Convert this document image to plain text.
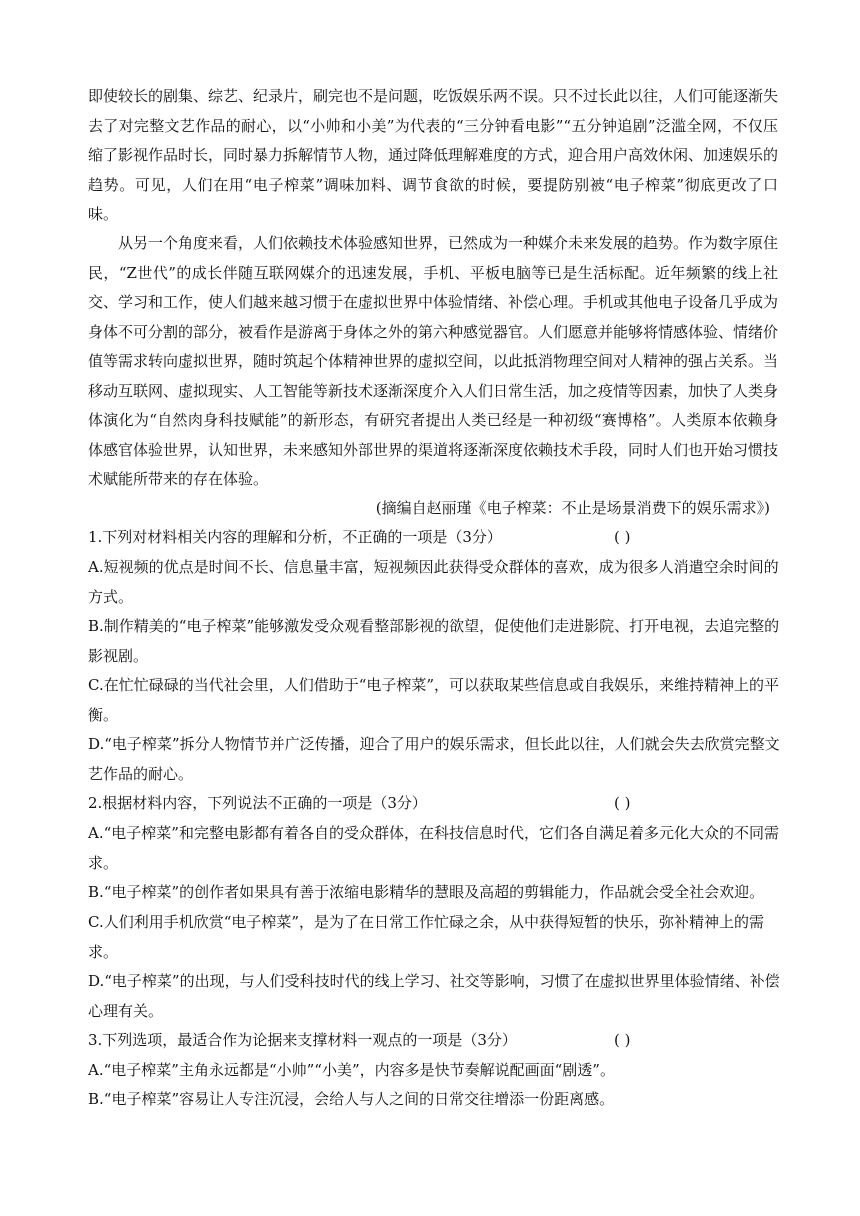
即使较长的剧集、综艺、纪录片，刷完也不是问题，吃饭娱乐两不误。只不过长此以往，人们可能逐渐失去了对完整文艺作品的耐心，以“小帅和小美”为代表的“三分钟看电影”“五分钟追剧”泛滥全网，不仅压缩了影视作品时长，同时暴力拆解情节人物，通过降低理解难度的方式，迎合用户高效休闲、加速娱乐的趋势。可见，人们在用“电子榨菜”调味加料、调节食欲的时候，要提防别被“电子榨菜”彻底更改了口味。

从另一个角度来看，人们依赖技术体验感知世界，已然成为一种媒介未来发展的趋势。作为数字原住民，“Z世代”的成长伴随互联网媒介的迅速发展，手机、平板电脑等已是生活标配。近年频繁的线上社交、学习和工作，使人们越来越习惯于在虚拟世界中体验情绪、补偿心理。手机或其他电子设备几乎成为身体不可分割的部分，被看作是游离于身体之外的第六种感觉器官。人们愿意并能够将情感体验、情绪价值等需求转向虚拟世界，随时筑起个体精神世界的虚拟空间，以此抵消物理空间对人精神的强占关系。当移动互联网、虚拟现实、人工智能等新技术逐渐深度介入人们日常生活，加之疫情等因素，加快了人类身体演化为“自然肉身科技赋能”的新形态，有研究者提出人类已经是一种初级“赛博格”。人类原本依赖身体感官体验世界，认知世界，未来感知外部世界的渠道将逐渐深度依赖技术手段，同时人们也开始习惯技术赋能所带来的存在体验。

(摘编自赵丽瑾《电子榨菜：不止是场景消费下的娱乐需求》)
1.下列对材料相关内容的理解和分析，不正确的一项是（3分）	( )

A.短视频的优点是时间不长、信息量丰富，短视频因此获得受众群体的喜欢，成为很多人消遣空余时间的方式。

B.制作精美的“电子榨菜”能够激发受众观看整部影视的欲望，促使他们走进影院、打开电视，去追完整的影视剧。

C.在忙忙碌碌的当代社会里，人们借助于“电子榨菜”，可以获取某些信息或自我娱乐，来维持精神上的平衡。

D.“电子榨菜”拆分人物情节并广泛传播，迎合了用户的娱乐需求，但长此以往，人们就会失去欣赏完整文艺作品的耐心。

2.根据材料内容，下列说法不正确的一项是（3分）	( )

A.“电子榨菜”和完整电影都有着各自的受众群体，在科技信息时代，它们各自满足着多元化大众的不同需求。

B.“电子榨菜”的创作者如果具有善于浓缩电影精华的慧眼及高超的剪辑能力，作品就会受全社会欢迎。

C.人们利用手机欣赏“电子榨菜”，是为了在日常工作忙碌之余，从中获得短暂的快乐，弥补精神上的需求。

D.“电子榨菜”的出现，与人们受科技时代的线上学习、社交等影响，习惯了在虚拟世界里体验情绪、补偿心理有关。

3.下列选项，最适合作为论据来支撑材料一观点的一项是（3分）	( )

A.“电子榨菜”主角永远都是“小帅”“小美”，内容多是快节奏解说配画面“剧透”。

B.“电子榨菜”容易让人专注沉浸，会给人与人之间的日常交往增添一份距离感。
